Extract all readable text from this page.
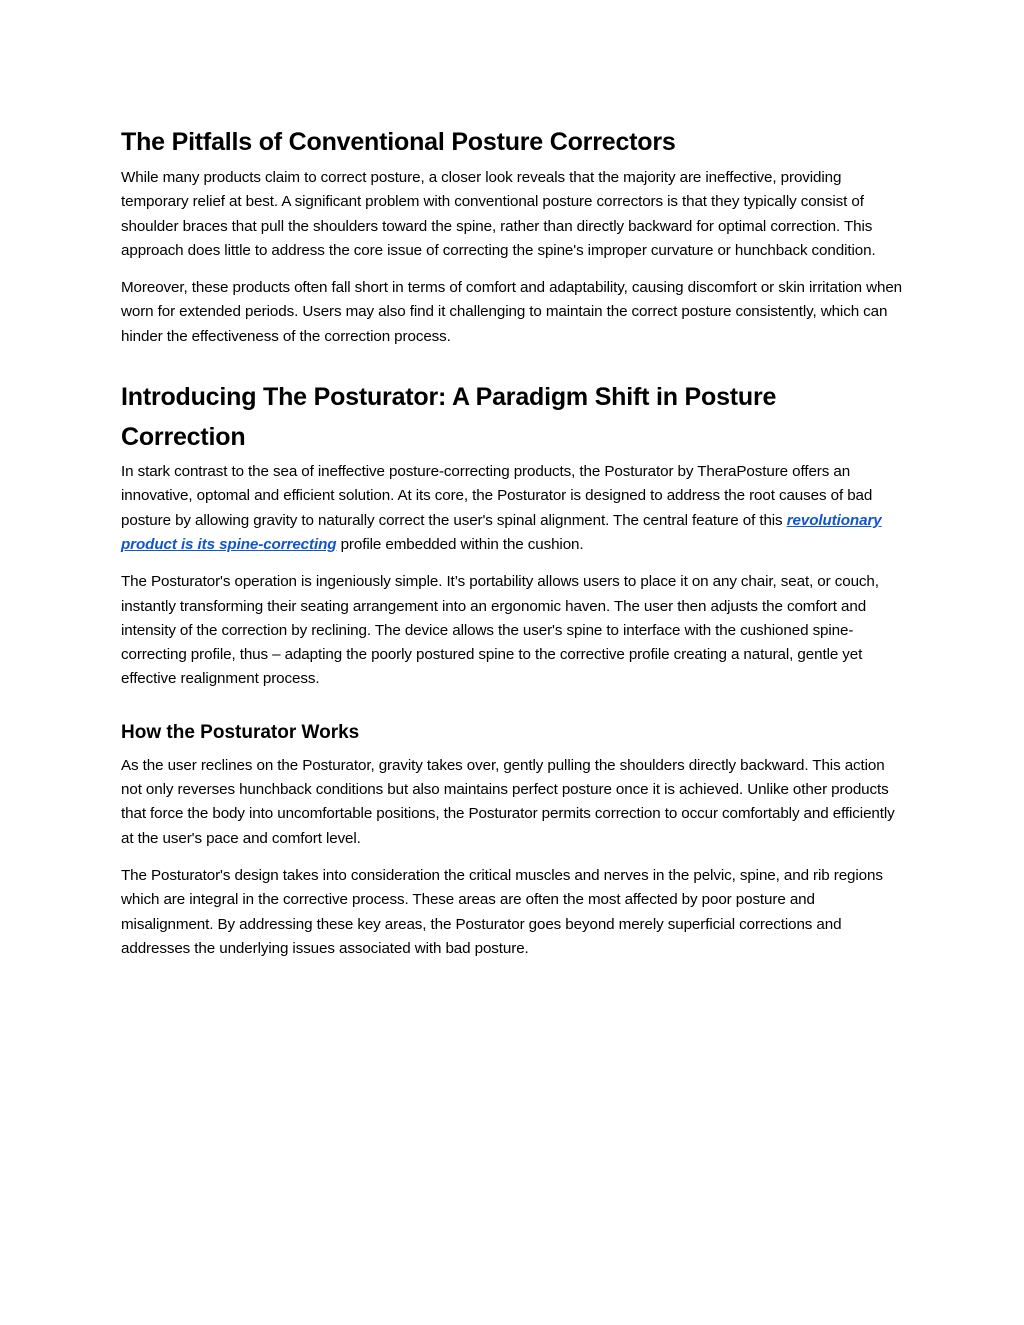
The Pitfalls of Conventional Posture Correctors

While many products claim to correct posture, a closer look reveals that the majority are ineffective, providing temporary relief at best. A significant problem with conventional posture correctors is that they typically consist of shoulder braces that pull the shoulders toward the spine, rather than directly backward for optimal correction. This approach does little to address the core issue of correcting the spine's improper curvature or hunchback condition.

Moreover, these products often fall short in terms of comfort and adaptability, causing discomfort or skin irritation when worn for extended periods. Users may also find it challenging to maintain the correct posture consistently, which can hinder the effectiveness of the correction process.

Introducing The Posturator: A Paradigm Shift in Posture Correction

In stark contrast to the sea of ineffective posture-correcting products, the Posturator by TheraPosture offers an innovative, optomal and efficient solution. At its core, the Posturator is designed to address the root causes of bad posture by allowing gravity to naturally correct the user's spinal alignment. The central feature of this revolutionary product is its spine-correcting profile embedded within the cushion.

The Posturator's operation is ingeniously simple. It’s portability allows users to place it on any chair, seat, or couch, instantly transforming their seating arrangement into an ergonomic haven. The user then adjusts the comfort and intensity of the correction by reclining. The device allows the user's spine to interface with the cushioned spine-correcting profile, thus – adapting the poorly postured spine to the corrective profile creating a natural, gentle yet effective realignment process.

How the Posturator Works

As the user reclines on the Posturator, gravity takes over, gently pulling the shoulders directly backward. This action not only reverses hunchback conditions but also maintains perfect posture once it is achieved. Unlike other products that force the body into uncomfortable positions, the Posturator permits correction to occur comfortably and efficiently at the user's pace and comfort level.

The Posturator's design takes into consideration the critical muscles and nerves in the pelvic, spine, and rib regions which are integral in the corrective process. These areas are often the most affected by poor posture and misalignment. By addressing these key areas, the Posturator goes beyond merely superficial corrections and addresses the underlying issues associated with bad posture.
